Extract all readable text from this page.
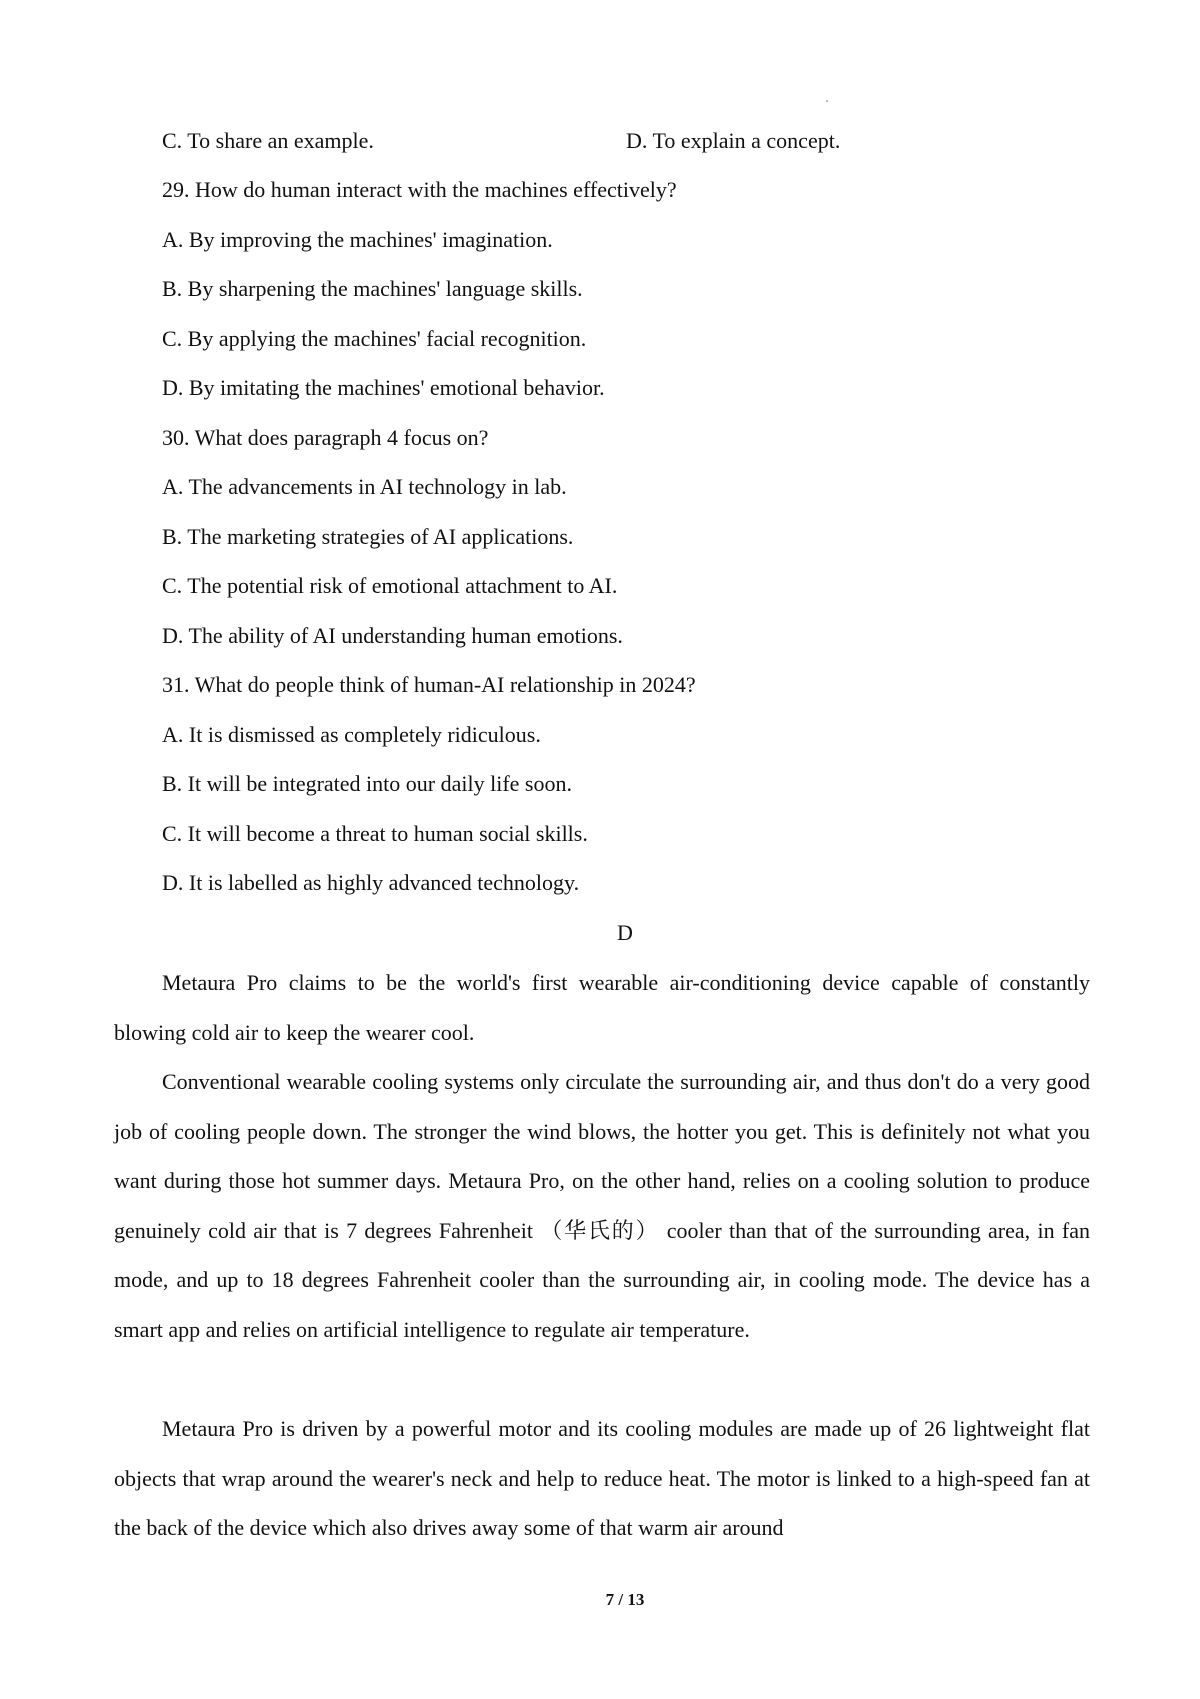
C. To share an example.	D. To explain a concept.
29. How do human interact with the machines effectively?
A. By improving the machines' imagination.
B. By sharpening the machines' language skills.
C. By applying the machines' facial recognition.
D. By imitating the machines' emotional behavior.
30. What does paragraph 4 focus on?
A. The advancements in AI technology in lab.
B. The marketing strategies of AI applications.
C. The potential risk of emotional attachment to AI.
D. The ability of AI understanding human emotions.
31. What do people think of human-AI relationship in 2024?
A. It is dismissed as completely ridiculous.
B. It will be integrated into our daily life soon.
C. It will become a threat to human social skills.
D. It is labelled as highly advanced technology.
D

Metaura Pro claims to be the world's first wearable air-conditioning device capable of constantly blowing cold air to keep the wearer cool.

Conventional wearable cooling systems only circulate the surrounding air, and thus don't do a very good job of cooling people down. The stronger the wind blows, the hotter you get. This is definitely not what you want during those hot summer days. Metaura Pro, on the other hand, relies on a cooling solution to produce genuinely cold air that is 7 degrees Fahrenheit （华氏的） cooler than that of the surrounding area, in fan mode, and up to 18 degrees Fahrenheit cooler than the surrounding air, in cooling mode. The device has a smart app and relies on artificial intelligence to regulate air temperature.

Metaura Pro is driven by a powerful motor and its cooling modules are made up of 26 lightweight flat objects that wrap around the wearer's neck and help to reduce heat. The motor is linked to a high-speed fan at the back of the device which also drives away some of that warm air around

7 / 13
